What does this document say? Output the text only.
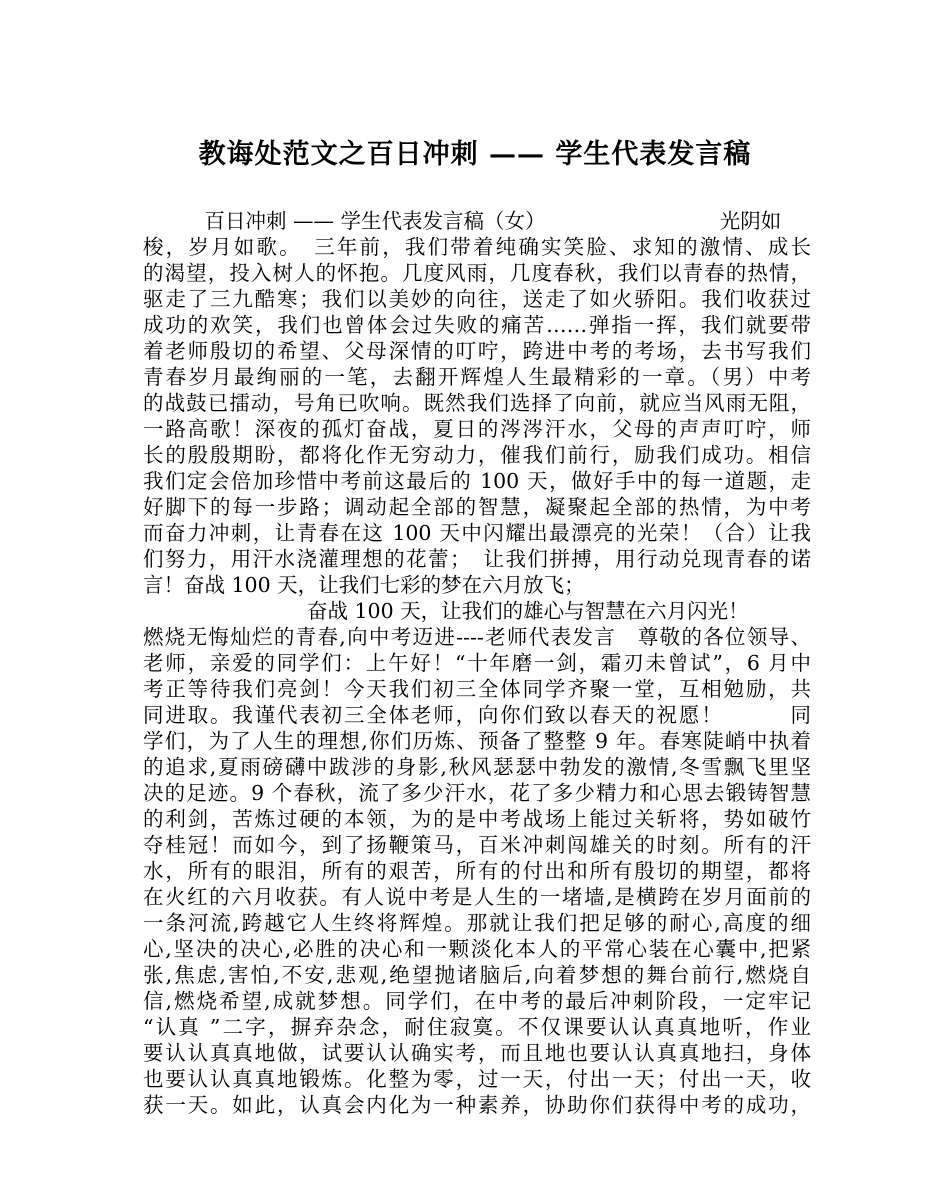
教诲处范文之百日冲刺 —— 学生代表发言稿
　　　百日冲刺 —— 学生代表发言稿（女）　　　　　　　　　光阴如
梭，岁月如歌。　三年前，我们带着纯确实笑脸、求知的激情、成长
的渴望，投入树人的怀抱。几度风雨，几度春秋，我们以青春的热情，
驱走了三九酷寒；我们以美妙的向往，送走了如火骄阳。我们收获过
成功的欢笑，我们也曾体会过失败的痛苦……弹指一挥，我们就要带
着老师殷切的希望、父母深情的叮咛，跨进中考的考场，去书写我们
青春岁月最绚丽的一笔，去翻开辉煌人生最精彩的一章。（男）中考
的战鼓已擂动，号角已吹响。既然我们选择了向前，就应当风雨无阻，
一路高歌！深夜的孤灯奋战，夏日的涔涔汗水，父母的声声叮咛，师
长的殷殷期盼，都将化作无穷动力，催我们前行，励我们成功。相信
我们定会倍加珍惜中考前这最后的 100 天，做好手中的每一道题，走
好脚下的每一步路；调动起全部的智慧，凝聚起全部的热情，为中考
而奋力冲刺，让青春在这 100 天中闪耀出最漂亮的光荣！（合）让我
们努力，用汗水浇灌理想的花蕾；　让我们拼搏，用行动兑现青春的诺
言！奋战 100 天，让我们七彩的梦在六月放飞；
　　　　　　　　奋战 100 天，让我们的雄心与智慧在六月闪光！
燃烧无悔灿烂的青春,向中考迈进----老师代表发言　尊敬的各位领导、
老师，亲爱的同学们：上午好！“十年磨一剑，霜刃未曾试”，6 月中
考正等待我们亮剑！今天我们初三全体同学齐聚一堂，互相勉励，共
同进取。我谨代表初三全体老师，向你们致以春天的祝愿！　　　同
学们，为了人生的理想,你们历炼、预备了整整 9 年。春寒陡峭中执着
的追求,夏雨磅礴中跋涉的身影,秋风瑟瑟中勃发的激情,冬雪飘飞里坚
决的足迹。9 个春秋，流了多少汗水，花了多少精力和心思去锻铸智慧
的利剑，苦炼过硬的本领，为的是中考战场上能过关斩将，势如破竹
夺桂冠！而如今，到了扬鞭策马，百米冲刺闯雄关的时刻。所有的汗
水，所有的眼泪，所有的艰苦，所有的付出和所有殷切的期望，都将
在火红的六月收获。有人说中考是人生的一堵墙,是横跨在岁月面前的
一条河流,跨越它人生终将辉煌。那就让我们把足够的耐心,高度的细
心,坚决的决心,必胜的决心和一颗淡化本人的平常心装在心囊中,把紧
张,焦虑,害怕,不安,悲观,绝望抛诸脑后,向着梦想的舞台前行,燃烧自
信,燃烧希望,成就梦想。同学们，在中考的最后冲刺阶段，一定牢记
“认真 ”二字，摒弃杂念，耐住寂寞。不仅课要认认真真地听，作业
要认认真真地做，试要认认确实考，而且地也要认认真真地扫，身体
也要认认真真地锻炼。化整为零，过一天，付出一天；付出一天，收
获一天。如此，认真会内化为一种素养，协助你们获得中考的成功，
